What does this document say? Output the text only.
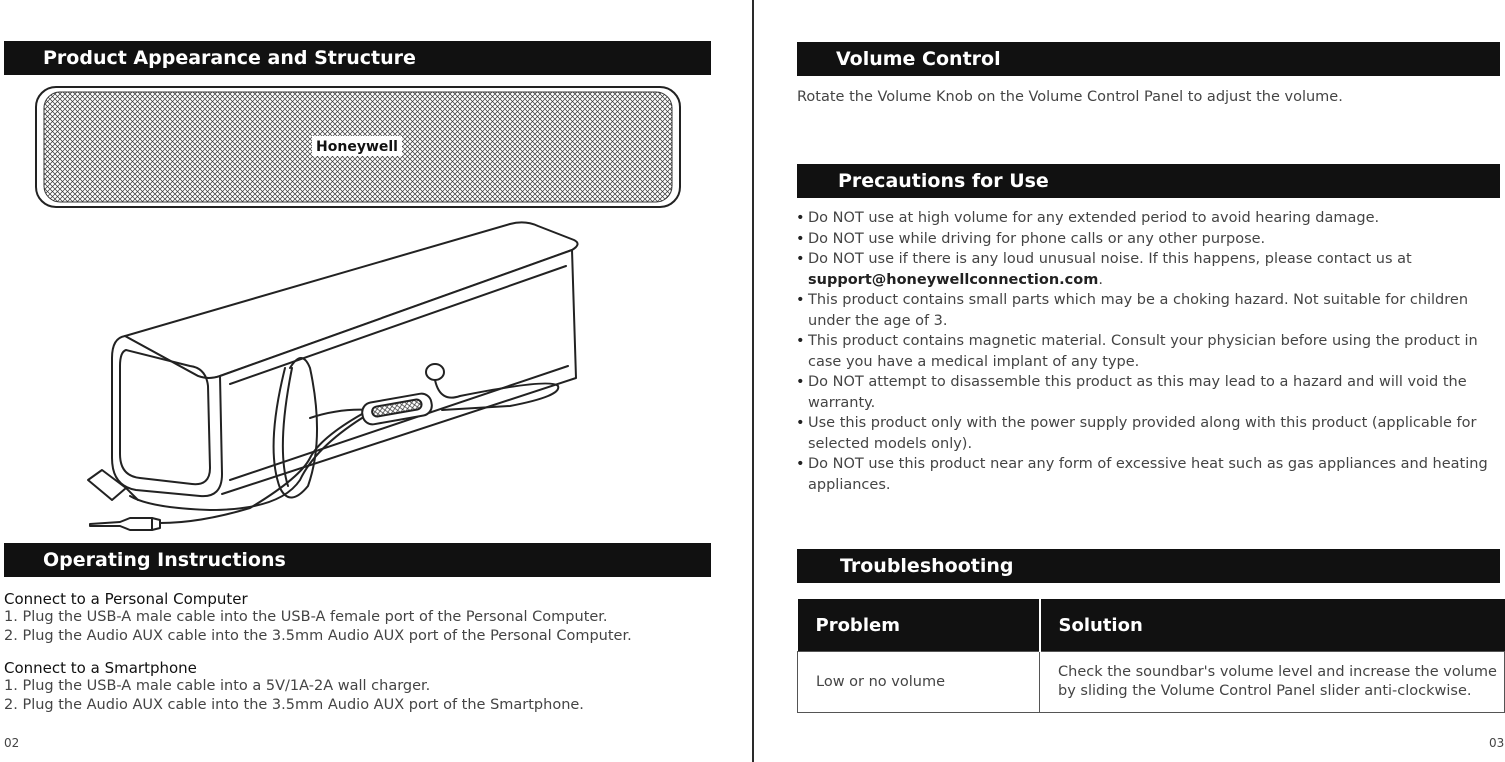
Product Appearance and Structure
Honeywell
Operating Instructions
Connect to a Personal Computer
1. Plug the USB-A male cable into the USB-A female port of the Personal Computer.
2. Plug the Audio AUX cable into the 3.5mm Audio AUX port of the Personal Computer.
Connect to a Smartphone
1. Plug the USB-A male cable into a 5V/1A-2A wall charger.
2. Plug the Audio AUX cable into the 3.5mm Audio AUX port of the Smartphone.
02
Volume Control
Rotate the Volume Knob on the Volume Control Panel to adjust the volume.
Precautions for Use
• Do NOT use at high volume for any extended period to avoid hearing damage.
• Do NOT use while driving for phone calls or any other purpose.
• Do NOT use if there is any loud unusual noise. If this happens, please contact us at
support@honeywellconnection.com.
• This product contains small parts which may be a choking hazard. Not suitable for children under the age of 3.
• This product contains magnetic material. Consult your physician before using the product in case you have a medical implant of any type.
• Do NOT attempt to disassemble this product as this may lead to a hazard and will void the warranty.
• Use this product only with the power supply provided along with this product (applicable for selected models only).
• Do NOT use this product near any form of excessive heat such as gas appliances and heating appliances.
Troubleshooting
Problem	Solution
Low or no volume	Check the soundbar's volume level and increase the volume by sliding the Volume Control Panel slider anti-clockwise.
03
